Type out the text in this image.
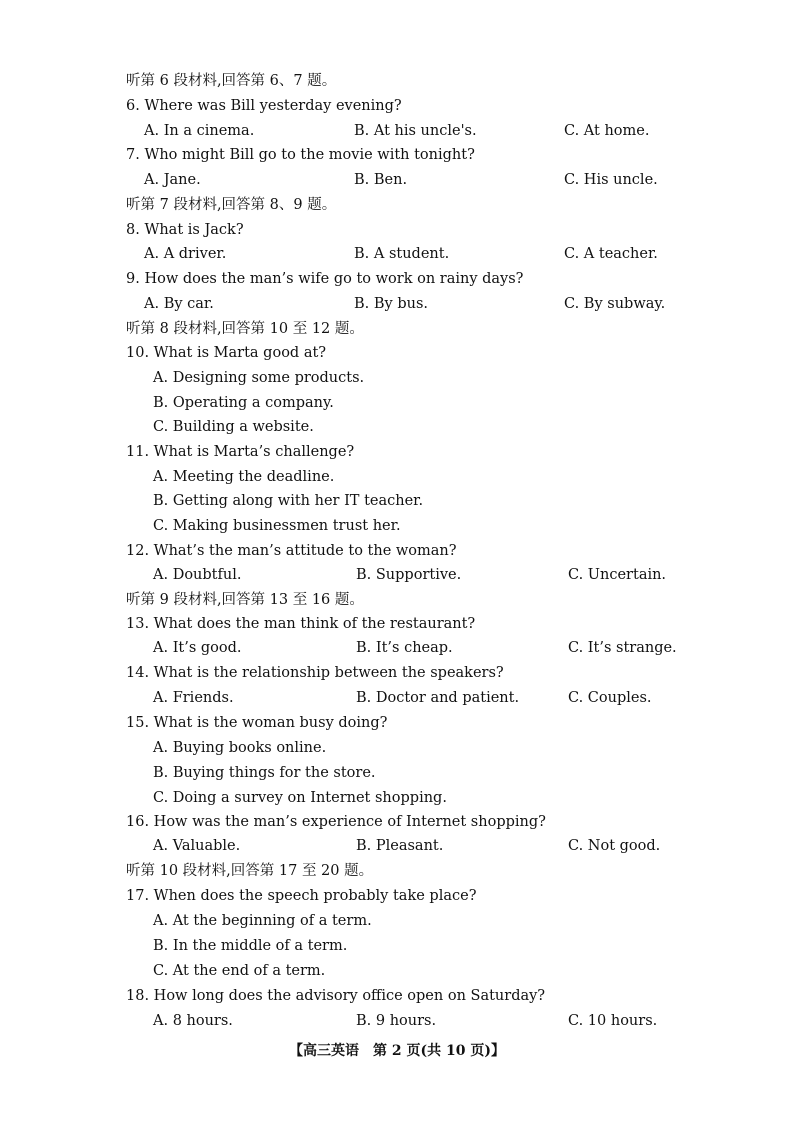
听第 6 段材料,回答第 6、7 题。
6. Where was Bill yesterday evening?
A. In a cinema.	B. At his uncle's.	C. At home.
7. Who might Bill go to the movie with tonight?
A. Jane.	B. Ben.	C. His uncle.
听第 7 段材料,回答第 8、9 题。
8. What is Jack?
A. A driver.	B. A student.	C. A teacher.
9. How does the man’s wife go to work on rainy days?
A. By car.	B. By bus.	C. By subway.
听第 8 段材料,回答第 10 至 12 题。
10. What is Marta good at?
A. Designing some products.
B. Operating a company.
C. Building a website.
11. What is Marta’s challenge?
A. Meeting the deadline.
B. Getting along with her IT teacher.
C. Making businessmen trust her.
12. What’s the man’s attitude to the woman?
A. Doubtful.	B. Supportive.	C. Uncertain.
听第 9 段材料,回答第 13 至 16 题。
13. What does the man think of the restaurant?
A. It’s good.	B. It’s cheap.	C. It’s strange.
14. What is the relationship between the speakers?
A. Friends.	B. Doctor and patient.	C. Couples.
15. What is the woman busy doing?
A. Buying books online.
B. Buying things for the store.
C. Doing a survey on Internet shopping.
16. How was the man’s experience of Internet shopping?
A. Valuable.	B. Pleasant.	C. Not good.
听第 10 段材料,回答第 17 至 20 题。
17. When does the speech probably take place?
A. At the beginning of a term.
B. In the middle of a term.
C. At the end of a term.
18. How long does the advisory office open on Saturday?
A. 8 hours.	B. 9 hours.	C. 10 hours.
【高三英语　第 2 页(共 10 页)】
